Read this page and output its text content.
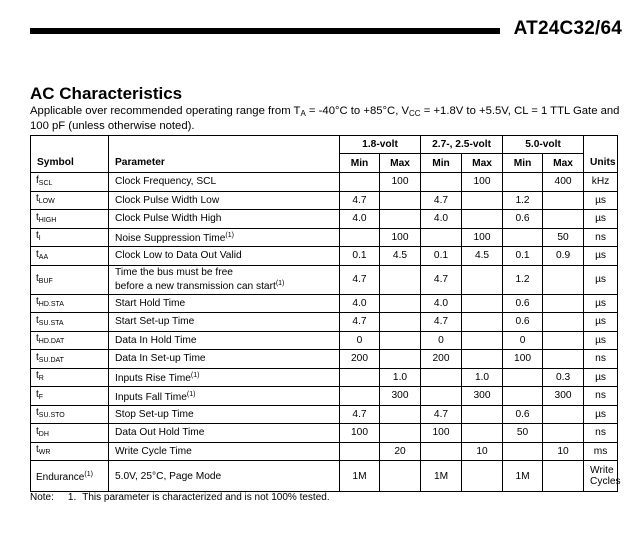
AT24C32/64
AC Characteristics
Applicable over recommended operating range from $T_A = -40^\circ C$ to +85°C, $V_{CC} = +1.8V$ to +5.5V, CL = 1 TTL Gate and 100 pF (unless otherwise noted).
		1.8-volt		2.7-, 2.5-volt		5.0-volt		
Symbol	Parameter	Min	Max	Min	Max	Min	Max	Units
fSCL	Clock Frequency, SCL		100		100		400	kHz
tLOW	Clock Pulse Width Low	4.7		4.7		1.2		µs
tHIGH	Clock Pulse Width High	4.0		4.0		0.6		µs
tI	Noise Suppression Time$^{(1)}$		100		100		50	ns
tAA	Clock Low to Data Out Valid	0.1	4.5	0.1	4.5	0.1	0.9	µs
tBUF	Time the bus must be free
before a new transmission can start$^{(1)}$	4.7		4.7		1.2		µs
tHD.STA	Start Hold Time	4.0		4.0		0.6		µs
tSU.STA	Start Set-up Time	4.7		4.7		0.6		µs
tHD.DAT	Data In Hold Time	0		0		0		µs
tSU.DAT	Data In Set-up Time	200		200		100		ns
tR	Inputs Rise Time$^{(1)}$		1.0		1.0		0.3	µs
tF	Inputs Fall Time$^{(1)}$		300		300		300	ns
tSU.STO	Stop Set-up Time	4.7		4.7		0.6		µs
tDH	Data Out Hold Time	100		100		50		ns
tWR	Write Cycle Time		20		10		10	ms
Endurance$^{(1)}$	5.0V, 25°C, Page Mode	1M		1M		1M		Write
Cycles
Note: 1. This parameter is characterized and is not 100% tested.
